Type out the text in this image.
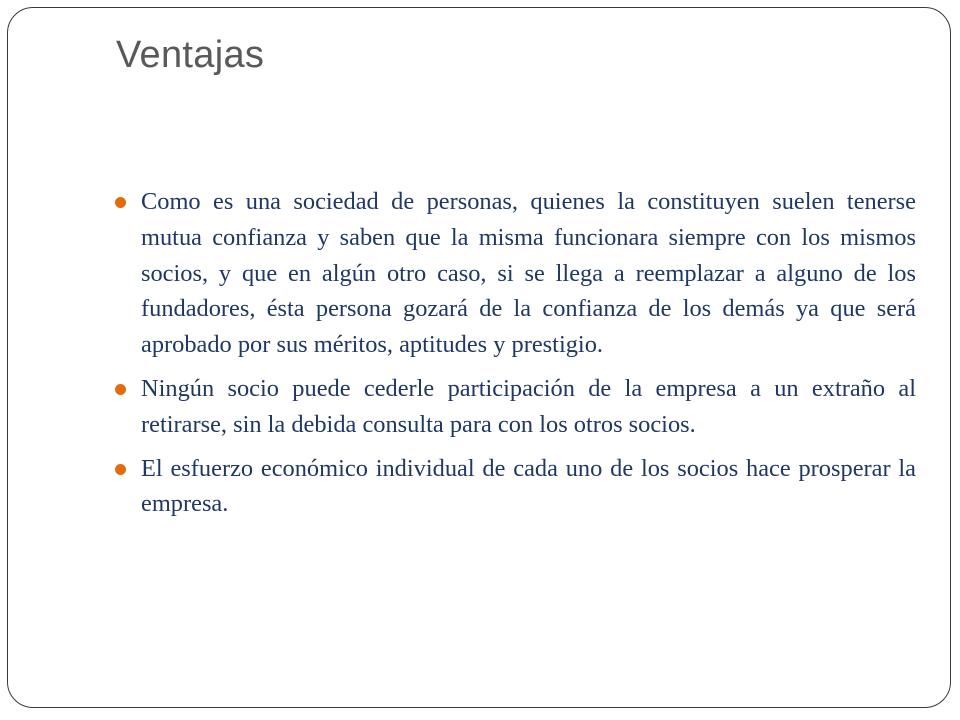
Ventajas
Como es una sociedad de personas, quienes la constituyen suelen tenerse mutua confianza y saben que la misma funcionara siempre con los mismos socios, y que en algún otro caso, si se llega a reemplazar a alguno de los fundadores, ésta persona gozará de la confianza de los demás ya que será aprobado por sus méritos, aptitudes y prestigio.
Ningún socio puede cederle participación de la empresa a un extraño al retirarse, sin la debida consulta para con los otros socios.
El esfuerzo económico individual de cada uno de los socios hace prosperar la empresa.
